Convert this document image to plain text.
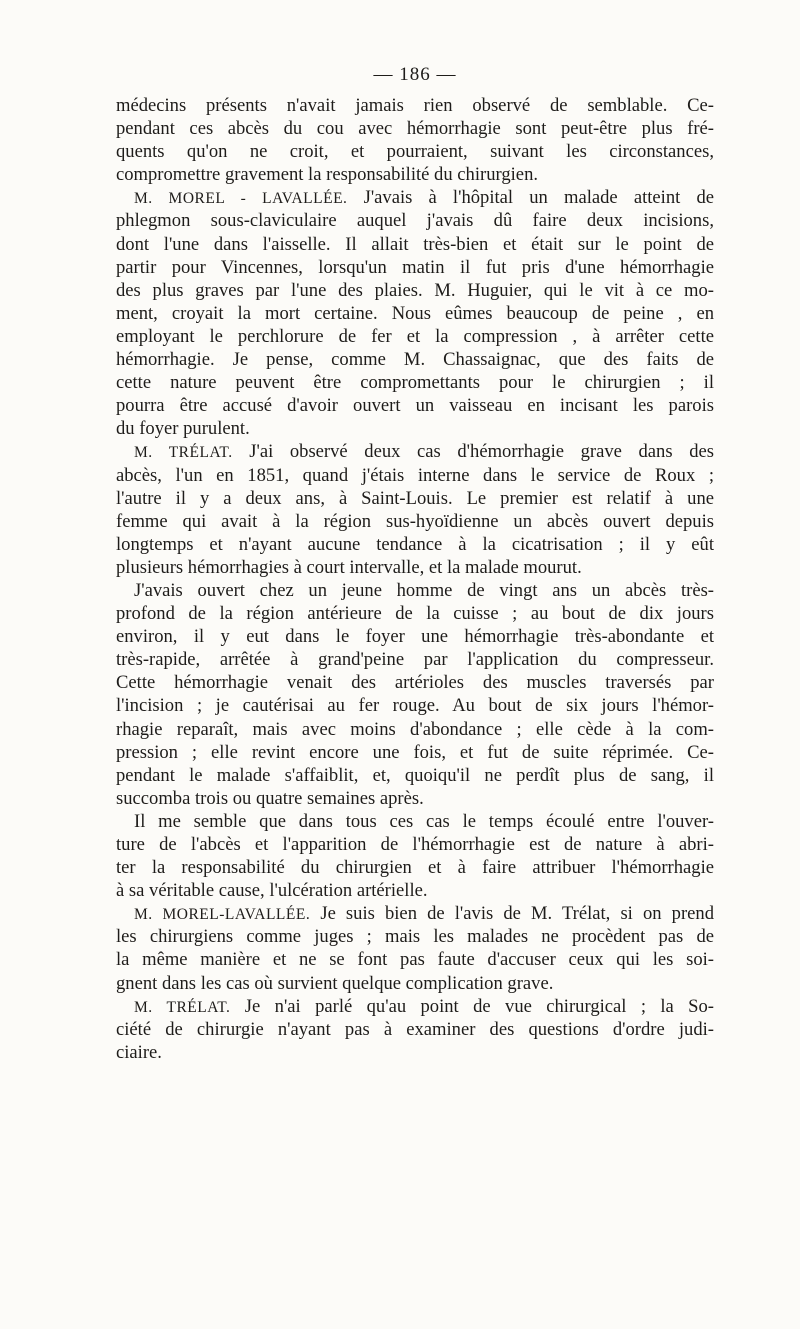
— 186 —
médecins présents n'avait jamais rien observé de semblable. Ce-
pendant ces abcès du cou avec hémorrhagie sont peut-être plus fré-
quents qu'on ne croit, et pourraient, suivant les circonstances,
compromettre gravement la responsabilité du chirurgien.
M. MOREL - LAVALLÉE. J'avais à l'hôpital un malade atteint de
phlegmon sous-claviculaire auquel j'avais dû faire deux incisions,
dont l'une dans l'aisselle. Il allait très-bien et était sur le point de
partir pour Vincennes, lorsqu'un matin il fut pris d'une hémorrhagie
des plus graves par l'une des plaies. M. Huguier, qui le vit à ce mo-
ment, croyait la mort certaine. Nous eûmes beaucoup de peine , en
employant le perchlorure de fer et la compression , à arrêter cette
hémorrhagie. Je pense, comme M. Chassaignac, que des faits de
cette nature peuvent être compromettants pour le chirurgien ; il
pourra être accusé d'avoir ouvert un vaisseau en incisant les parois
du foyer purulent.
M. TRÉLAT. J'ai observé deux cas d'hémorrhagie grave dans des
abcès, l'un en 1851, quand j'étais interne dans le service de Roux ;
l'autre il y a deux ans, à Saint-Louis. Le premier est relatif à une
femme qui avait à la région sus-hyoïdienne un abcès ouvert depuis
longtemps et n'ayant aucune tendance à la cicatrisation ; il y eût
plusieurs hémorrhagies à court intervalle, et la malade mourut.
J'avais ouvert chez un jeune homme de vingt ans un abcès très-
profond de la région antérieure de la cuisse ; au bout de dix jours
environ, il y eut dans le foyer une hémorrhagie très-abondante et
très-rapide, arrêtée à grand'peine par l'application du compresseur.
Cette hémorrhagie venait des artérioles des muscles traversés par
l'incision ; je cautérisai au fer rouge. Au bout de six jours l'hémor-
rhagie reparaît, mais avec moins d'abondance ; elle cède à la com-
pression ; elle revint encore une fois, et fut de suite réprimée. Ce-
pendant le malade s'affaiblit, et, quoiqu'il ne perdît plus de sang, il
succomba trois ou quatre semaines après.
Il me semble que dans tous ces cas le temps écoulé entre l'ouver-
ture de l'abcès et l'apparition de l'hémorrhagie est de nature à abri-
ter la responsabilité du chirurgien et à faire attribuer l'hémorrhagie
à sa véritable cause, l'ulcération artérielle.
M. MOREL-LAVALLÉE. Je suis bien de l'avis de M. Trélat, si on prend
les chirurgiens comme juges ; mais les malades ne procèdent pas de
la même manière et ne se font pas faute d'accuser ceux qui les soi-
gnent dans les cas où survient quelque complication grave.
M. TRÉLAT. Je n'ai parlé qu'au point de vue chirurgical ; la So-
ciété de chirurgie n'ayant pas à examiner des questions d'ordre judi-
ciaire.
